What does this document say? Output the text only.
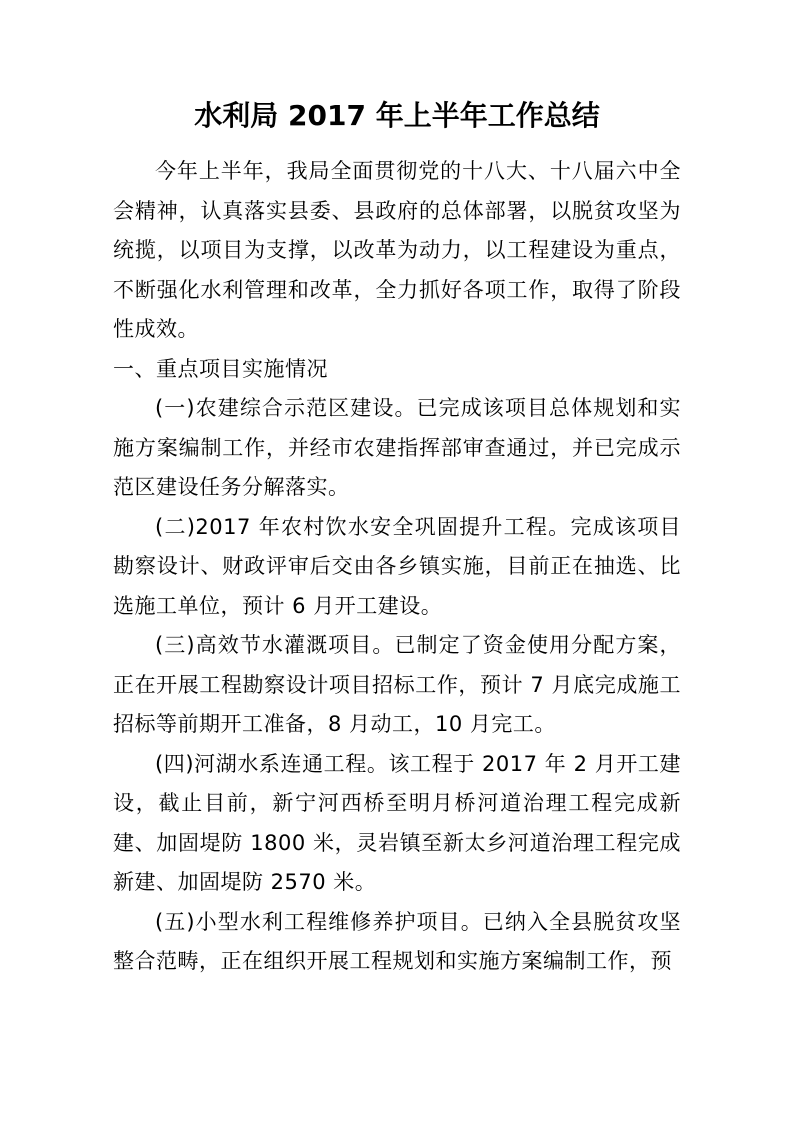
水利局 2017 年上半年工作总结

今年上半年，我局全面贯彻党的十八大、十八届六中全会精神，认真落实县委、县政府的总体部署，以脱贫攻坚为统揽，以项目为支撑，以改革为动力，以工程建设为重点，不断强化水利管理和改革，全力抓好各项工作，取得了阶段性成效。

一、重点项目实施情况

(一)农建综合示范区建设。已完成该项目总体规划和实施方案编制工作，并经市农建指挥部审查通过，并已完成示范区建设任务分解落实。

(二)2017 年农村饮水安全巩固提升工程。完成该项目勘察设计、财政评审后交由各乡镇实施，目前正在抽选、比选施工单位，预计 6 月开工建设。

(三)高效节水灌溉项目。已制定了资金使用分配方案，正在开展工程勘察设计项目招标工作，预计 7 月底完成施工招标等前期开工准备，8 月动工，10 月完工。

(四)河湖水系连通工程。该工程于 2017 年 2 月开工建设，截止目前，新宁河西桥至明月桥河道治理工程完成新建、加固堤防 1800 米，灵岩镇至新太乡河道治理工程完成新建、加固堤防 2570 米。

(五)小型水利工程维修养护项目。已纳入全县脱贫攻坚整合范畴，正在组织开展工程规划和实施方案编制工作，预
